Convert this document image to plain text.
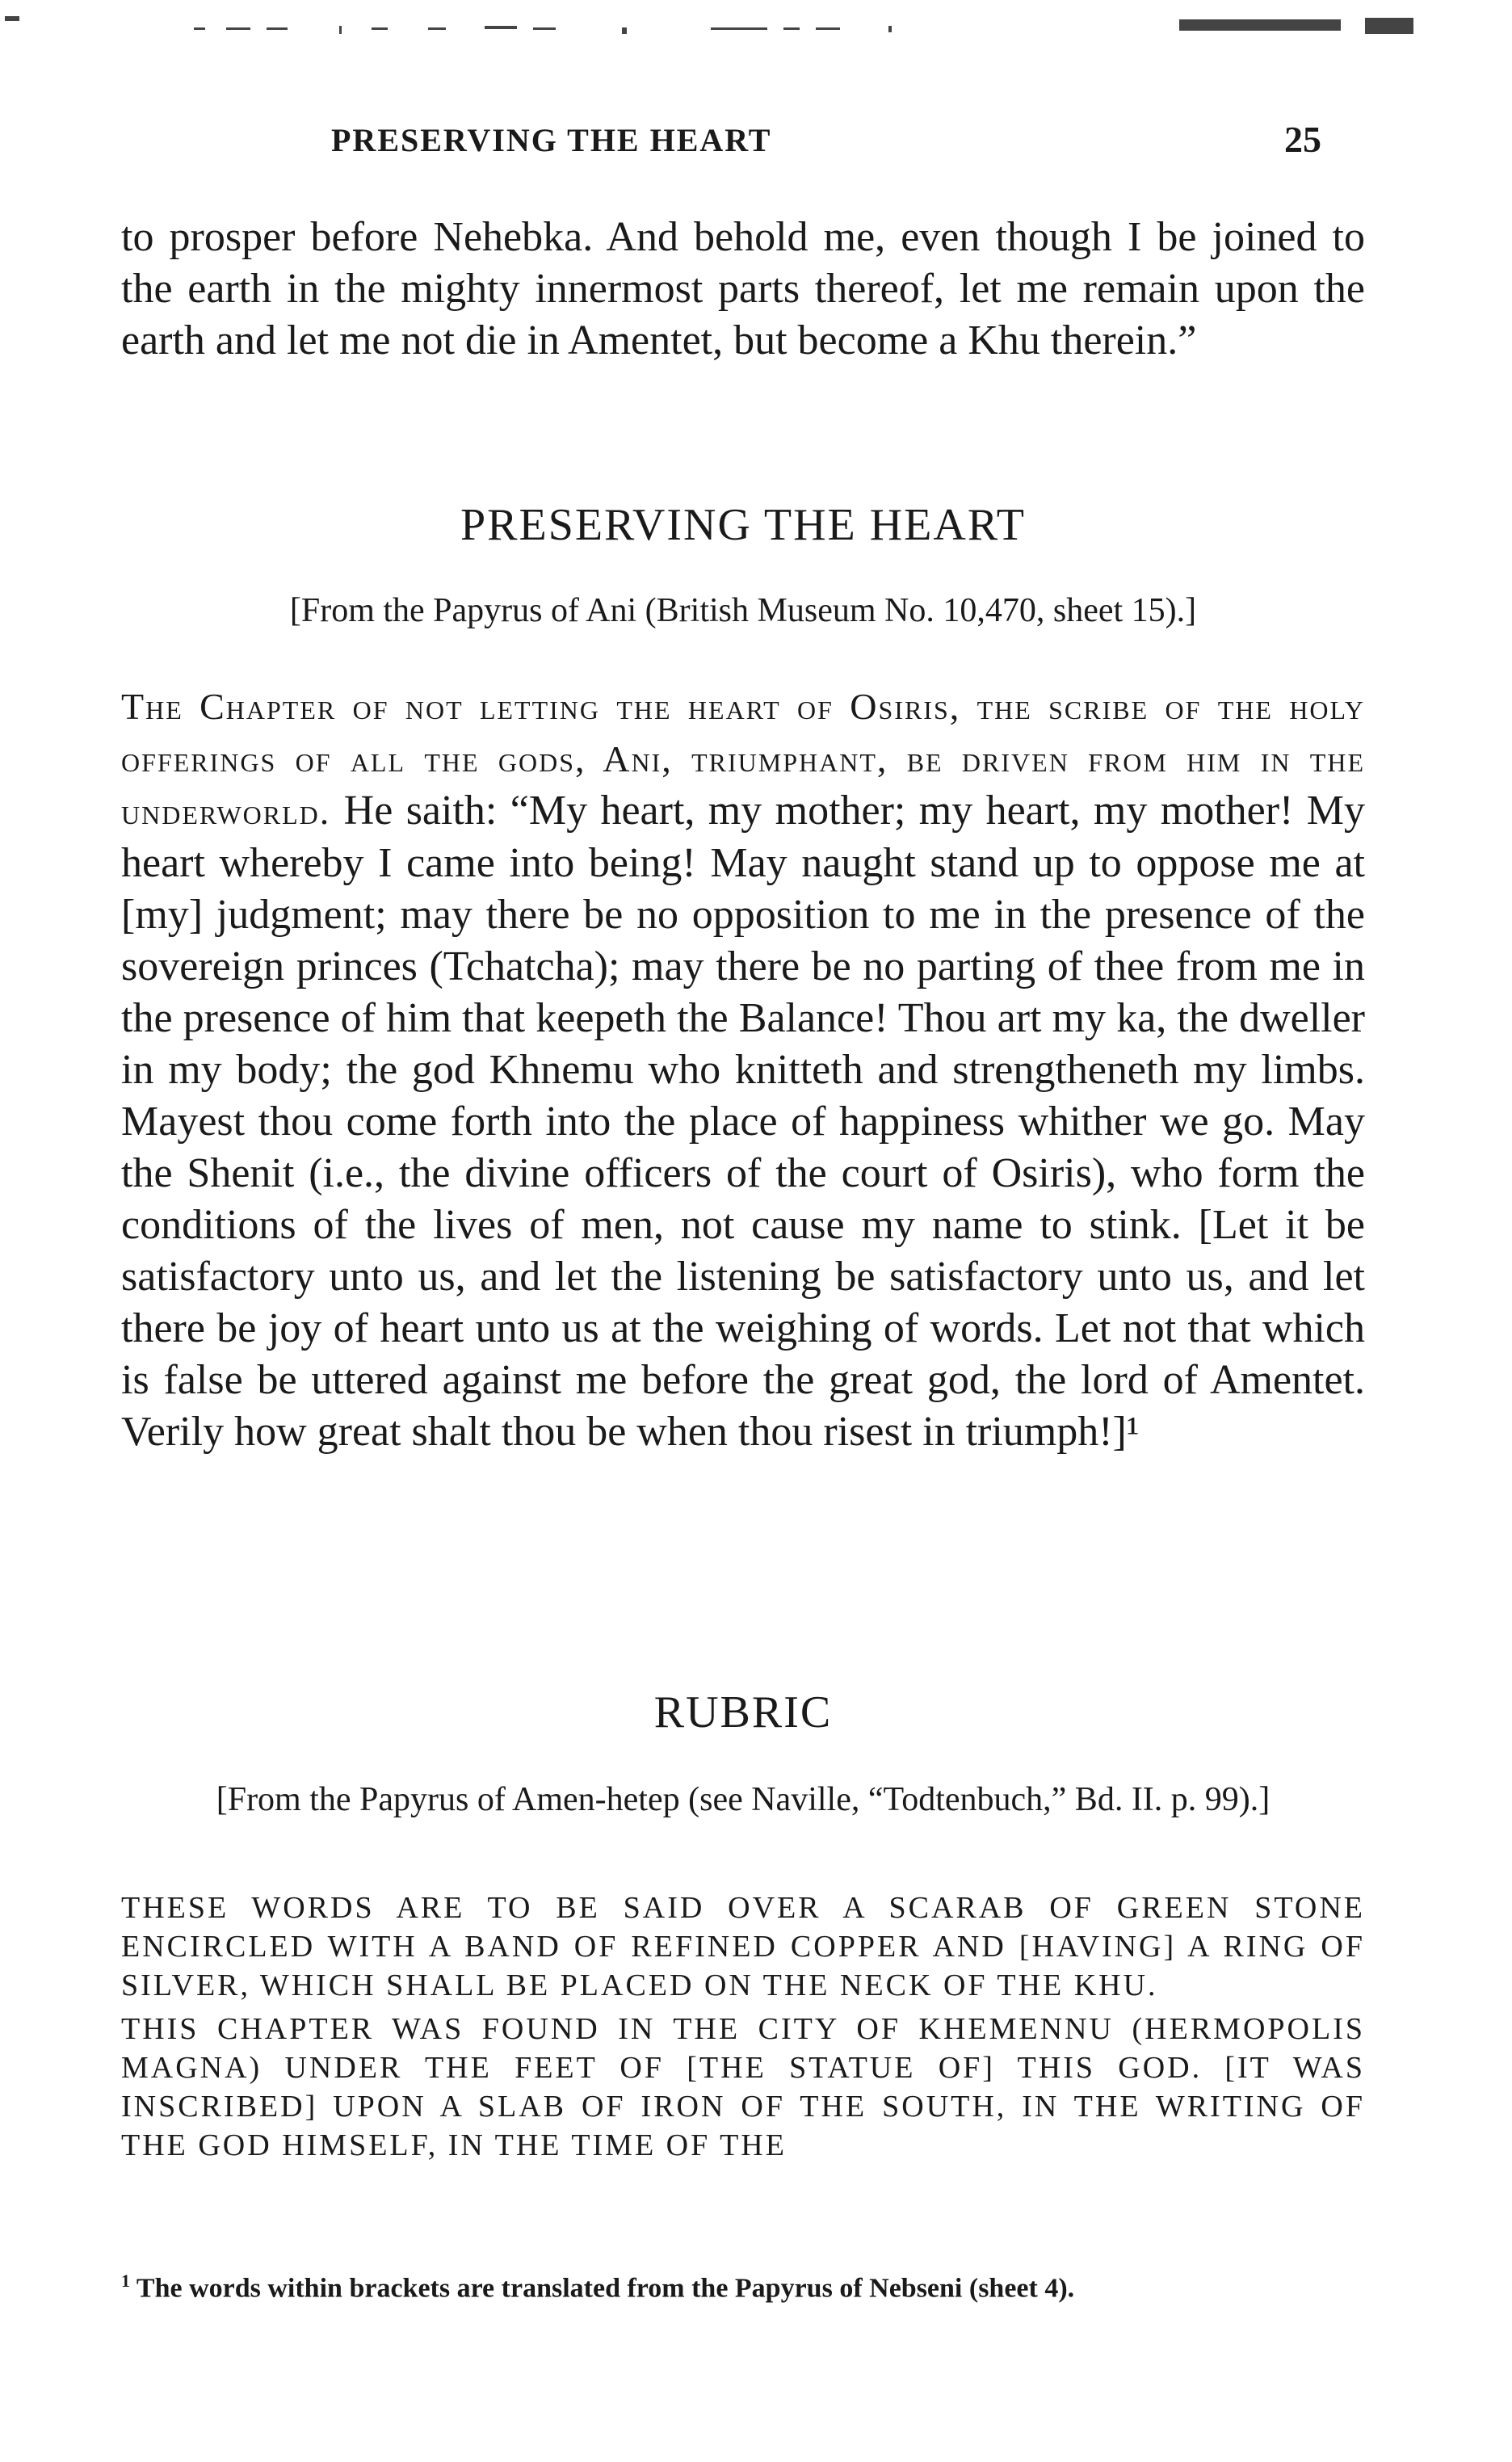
PRESERVING THE HEART	25

to prosper before Nehebka. And behold me, even though I be joined to the earth in the mighty innermost parts thereof, let me remain upon the earth and let me not die in Amentet, but become a Khu therein.”

PRESERVING THE HEART
[From the Papyrus of Ani (British Museum No. 10,470, sheet 15).]

The Chapter of not letting the heart of Osiris, the scribe of the holy offerings of all the gods, Ani, triumphant, be driven from him in the underworld. He saith: “My heart, my mother; my heart, my mother! My heart whereby I came into being! May naught stand up to oppose me at [my] judgment; may there be no opposition to me in the presence of the sovereign princes (Tchatcha); may there be no parting of thee from me in the presence of him that keepeth the Balance! Thou art my ka, the dweller in my body; the god Khnemu who knitteth and strengtheneth my limbs. Mayest thou come forth into the place of happiness whither we go. May the Shenit (i.e., the divine officers of the court of Osiris), who form the conditions of the lives of men, not cause my name to stink. [Let it be satisfactory unto us, and let the listening be satisfactory unto us, and let there be joy of heart unto us at the weighing of words. Let not that which is false be uttered against me before the great god, the lord of Amentet. Verily how great shalt thou be when thou risest in triumph!]¹

RUBRIC
[From the Papyrus of Amen-hetep (see Naville, “Todtenbuch,” Bd. II. p. 99).]

THESE WORDS ARE TO BE SAID OVER A SCARAB OF GREEN STONE ENCIRCLED WITH A BAND OF REFINED COPPER AND [HAVING] A RING OF SILVER, WHICH SHALL BE PLACED ON THE NECK OF THE KHU.

THIS CHAPTER WAS FOUND IN THE CITY OF KHEMENNU (HERMOPOLIS MAGNA) UNDER THE FEET OF [THE STATUE OF] THIS GOD. [IT WAS INSCRIBED] UPON A SLAB OF IRON OF THE SOUTH, IN THE WRITING OF THE GOD HIMSELF, IN THE TIME OF THE

$^1$ The words within brackets are translated from the Papyrus of Nebseni (sheet 4).
